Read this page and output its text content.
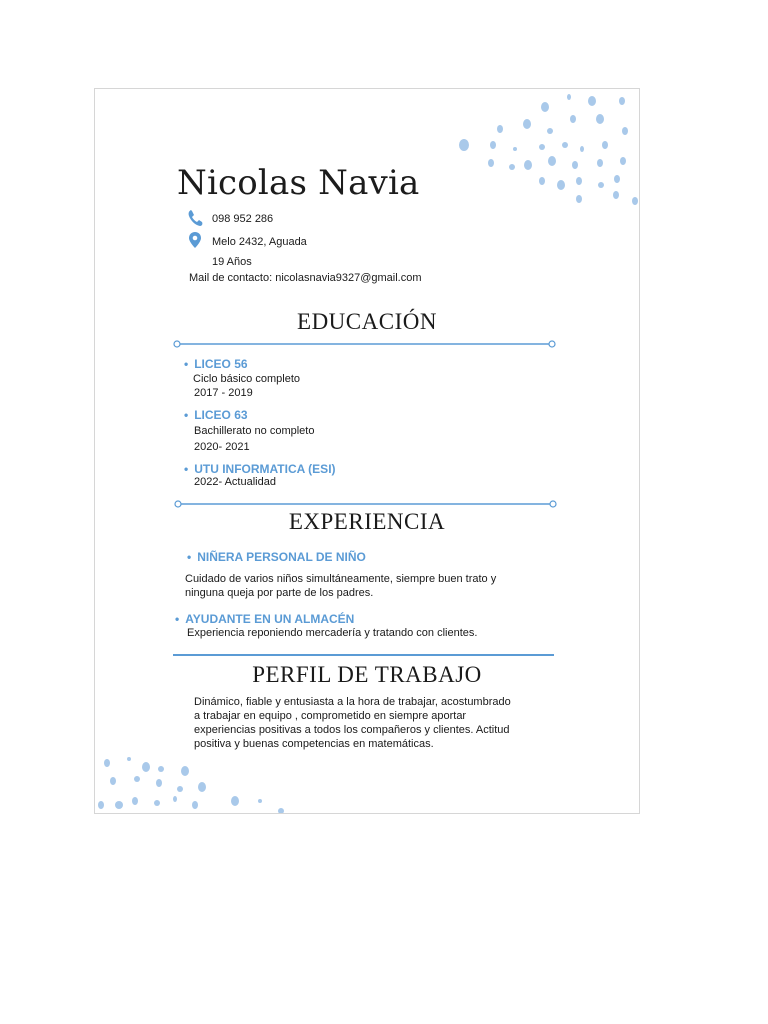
Nicolas Navia
098 952 286
Melo 2432, Aguada
19 Años
Mail de contacto: nicolasnavia9327@gmail.com
EDUCACIÓN
• LICEO 56
Ciclo básico completo
2017 - 2019
• LICEO 63
Bachillerato no completo
2020- 2021
• UTU INFORMATICA (ESI)
2022- Actualidad
EXPERIENCIA
• NIÑERA PERSONAL DE NIÑO
Cuidado de varios niños simultáneamente, siempre buen trato y
ninguna queja por parte de los padres.
• AYUDANTE EN UN ALMACÉN
Experiencia reponiendo mercadería y tratando con clientes.
PERFIL DE TRABAJO
Dinámico, fiable y entusiasta a la hora de trabajar, acostumbrado
a trabajar en equipo , comprometido en siempre aportar
experiencias positivas a todos los compañeros y clientes. Actitud
positiva y buenas competencias en matemáticas.
